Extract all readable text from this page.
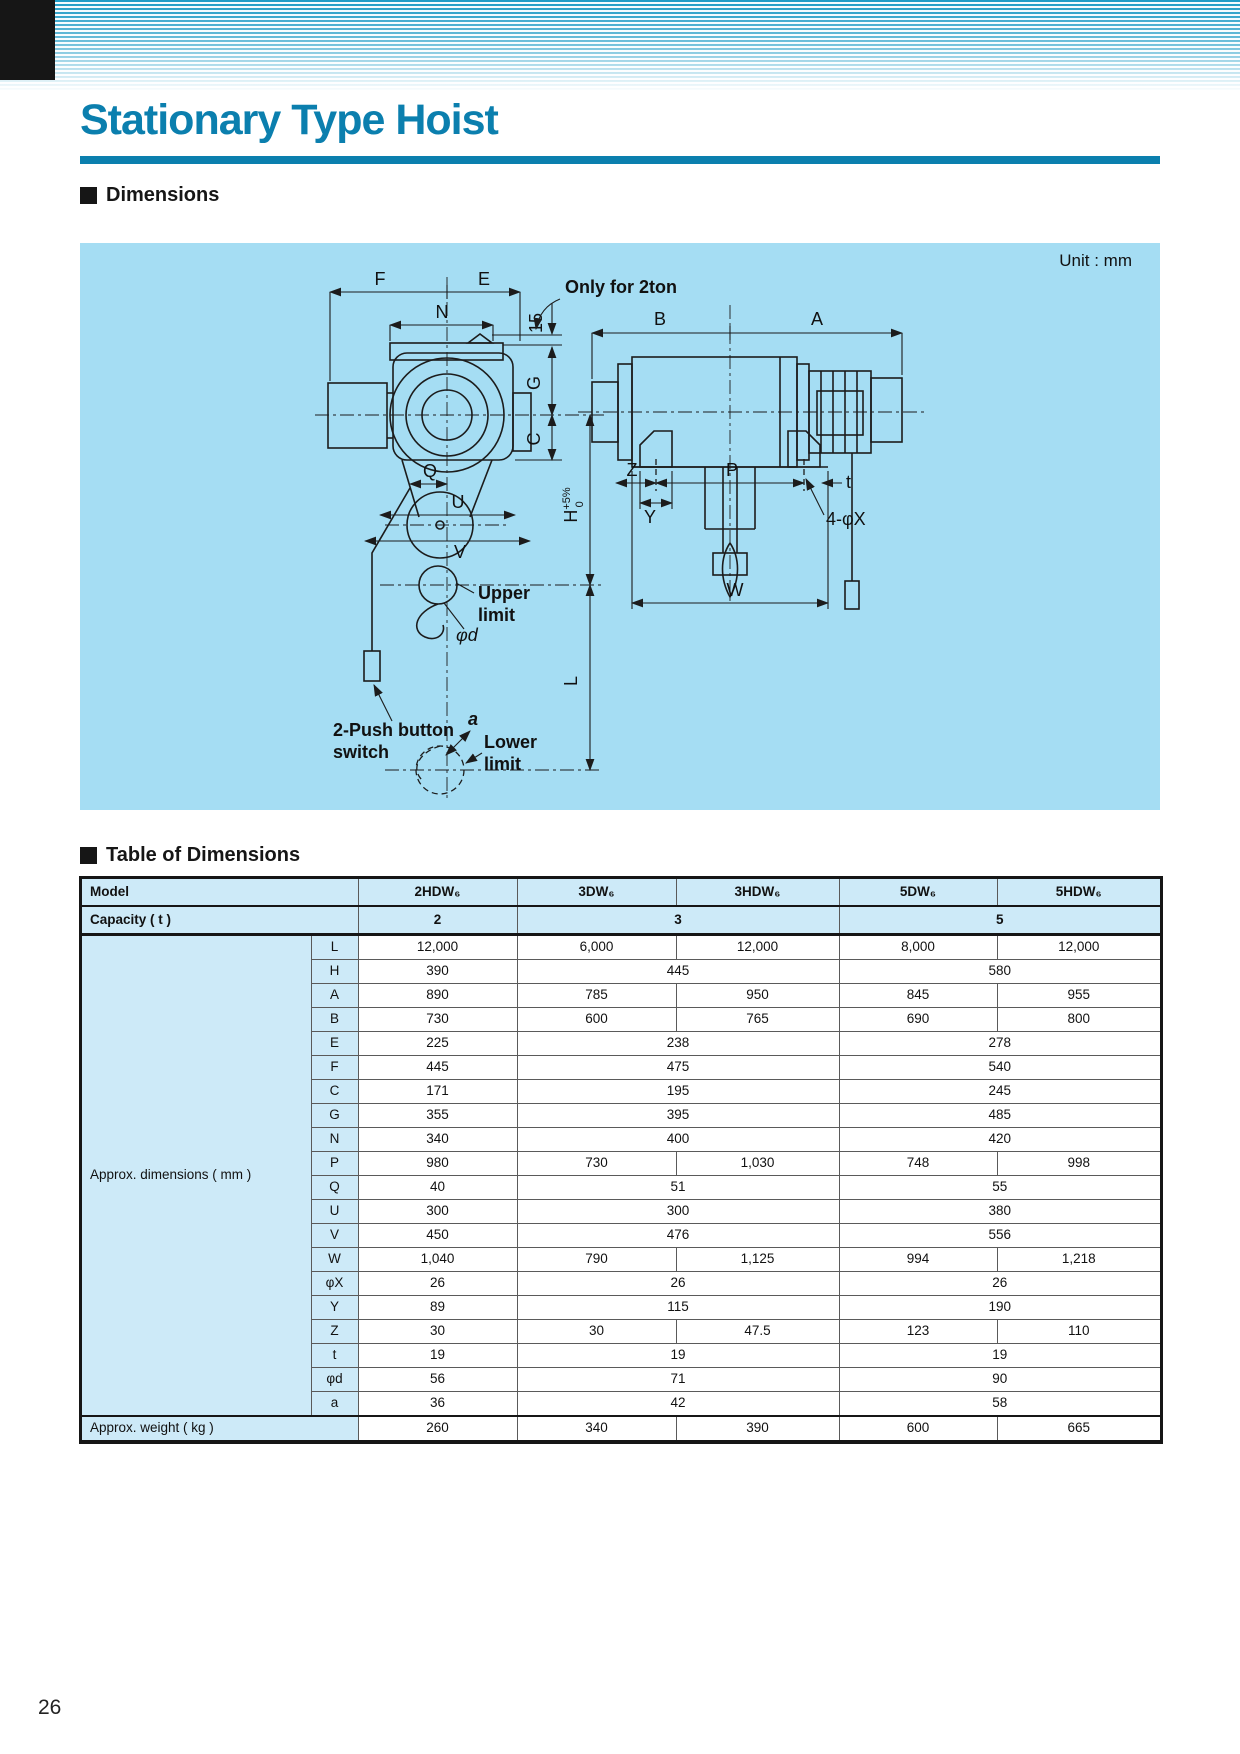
Stationary Type Hoist
Dimensions
Unit : mm
F	E
N
15
G
C
Q
U
V
$H^{+5\%}0$
L
Upper
limit
φd
2-Push button
switch
a
Lower
limit
Only for 2ton
B	A
Z
Y
P
t
4-φX
W
Table of Dimensions
Model		2HDW₆	3DW₆	3HDW₆	5DW₆	5HDW₆
Capacity ( t )		2	3		5	
Approx. dimensions ( mm )	L	12,000	6,000	12,000	8,000	12,000
	H	390	445		580	
	A	890	785	950	845	955
	B	730	600	765	690	800
	E	225	238		278	
	F	445	475		540	
	C	171	195		245	
	G	355	395		485	
	N	340	400		420	
	P	980	730	1,030	748	998
	Q	40	51		55	
	U	300	300		380	
	V	450	476		556	
	W	1,040	790	1,125	994	1,218
	φX	26	26		26	
	Y	89	115		190	
	Z	30	30	47.5	123	110
	t	19	19		19	
	φd	56	71		90	
	a	36	42		58	
Approx. weight ( kg )		260	340	390	600	665
26
